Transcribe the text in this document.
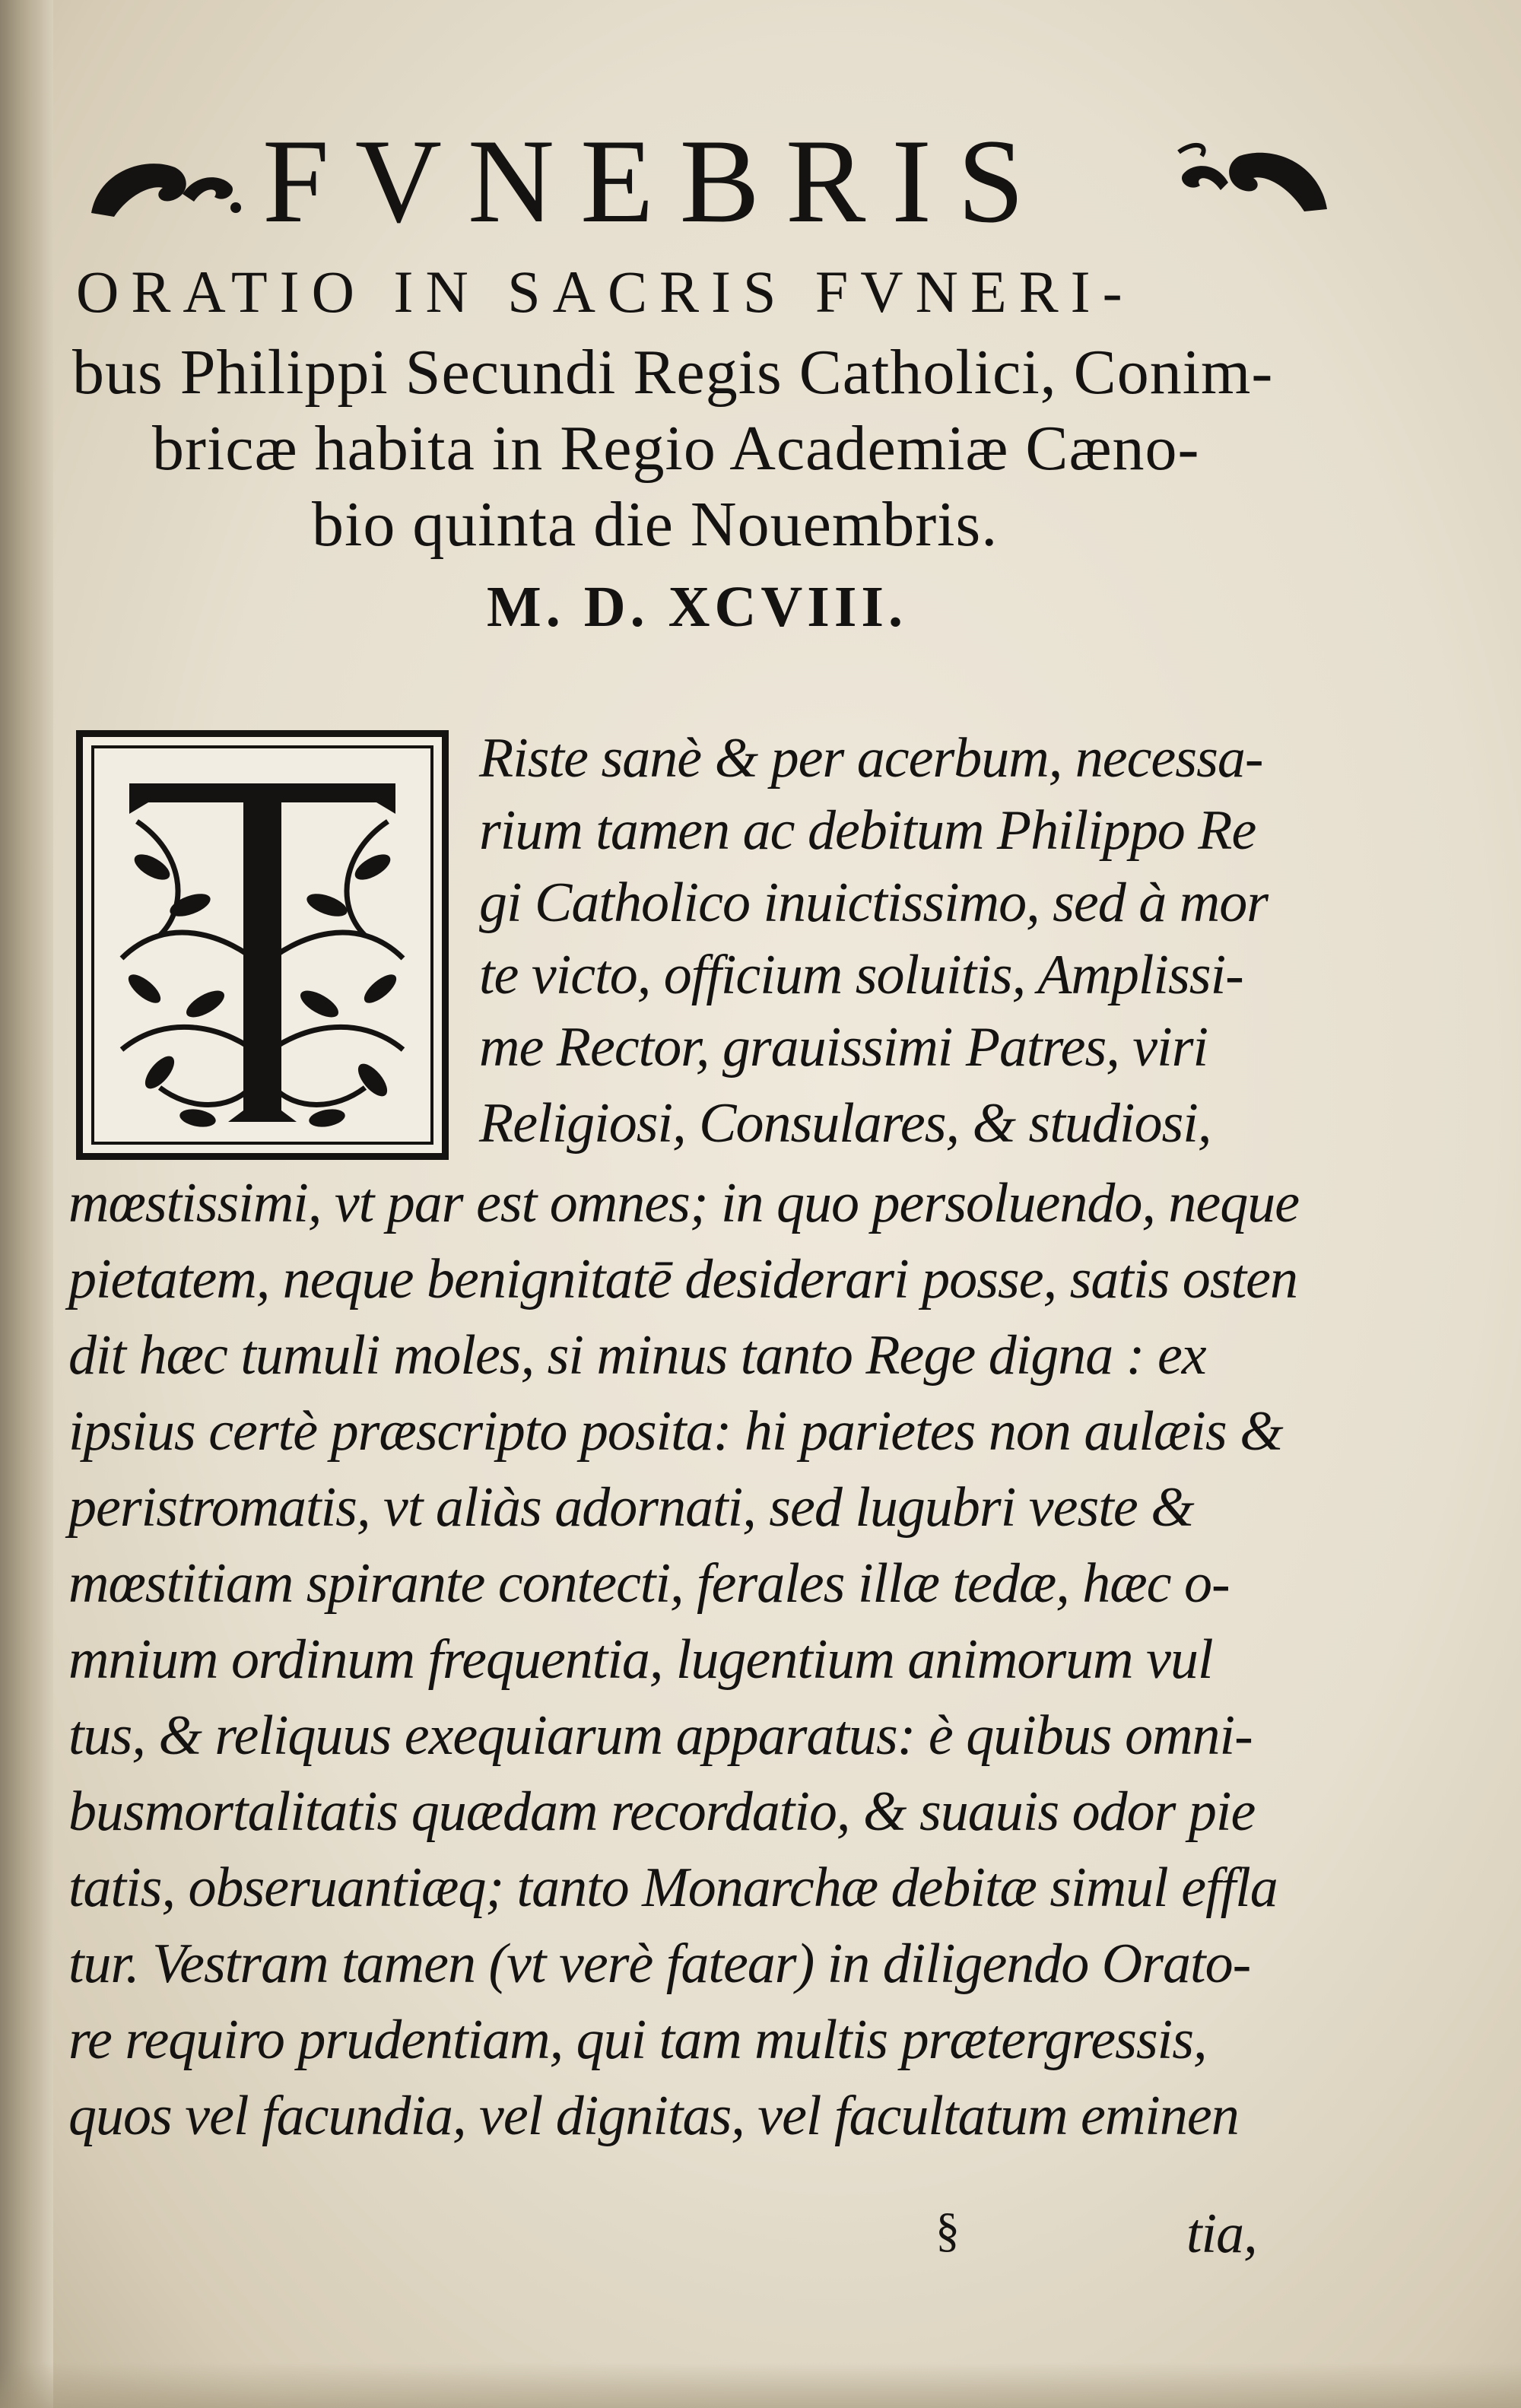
FVNEBRIS
ORATIO IN SACRIS FVNERI-
bus Philippi Secundi Regis Catholici, Conim-
bricæ habita in Regio Academiæ Cæno-
bio quinta die Nouembris.
M. D. XCVIII.
Riste sanè & per acerbum, necessa-
rium tamen ac debitum Philippo Re
gi Catholico inuictissimo, sed à mor
te victo, officium soluitis, Amplissi-
me Rector, grauissimi Patres, viri
Religiosi, Consulares, & studiosi,
mœstissimi, vt par est omnes; in quo persoluendo, neque
pietatem, neque benignitatē desiderari posse, satis osten
dit hæc tumuli moles, si minus tanto Rege digna : ex
ipsius certè præscripto posita: hi parietes non aulæis &
peristromatis, vt aliàs adornati, sed lugubri veste &
mœstitiam spirante contecti, ferales illæ tedæ, hæc o-
mnium ordinum frequentia, lugentium animorum vul
tus, & reliquus exequiarum apparatus: è quibus omni-
busmortalitatis quædam recordatio, & suauis odor pie
tatis, obseruantiæq; tanto Monarchæ debitæ simul effla
tur. Vestram tamen (vt verè fatear) in diligendo Orato-
re requiro prudentiam, qui tam multis prætergressis,
quos vel facundia, vel dignitas, vel facultatum eminen
§	tia,
